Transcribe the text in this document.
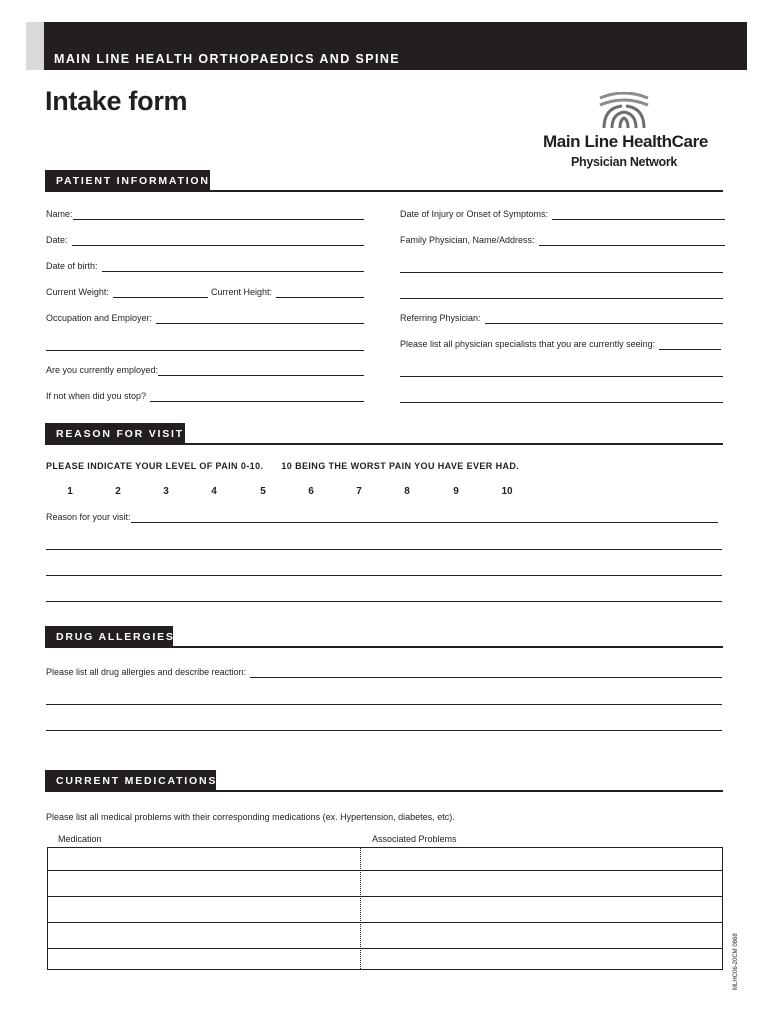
MAIN LINE HEALTH ORTHOPAEDICS AND SPINE
Intake form
Main Line HealthCare
Physician Network
PATIENT INFORMATION
Name:
Date:
Date of birth:
Current Weight:	Current Height:
Occupation and Employer:
Are you currently employed:
If not when did you stop?
Date of Injury or Onset of Symptoms:
Family Physician, Name/Address:
Referring Physician:
Please list all physician specialists that you are currently seeing:
REASON FOR VISIT
PLEASE INDICATE YOUR LEVEL OF PAIN 0-10. 10 BEING THE WORST PAIN YOU HAVE EVER HAD.
1	2	3	4	5	6	7	8	9	10
Reason for your visit:
DRUG ALLERGIES
Please list all drug allergies and describe reaction:
CURRENT MEDICATIONS
Please list all medical problems with their corresponding medications (ex. Hypertension, diabetes, etc).
Medication	Associated Problems
MLHC06-20CM 0868
